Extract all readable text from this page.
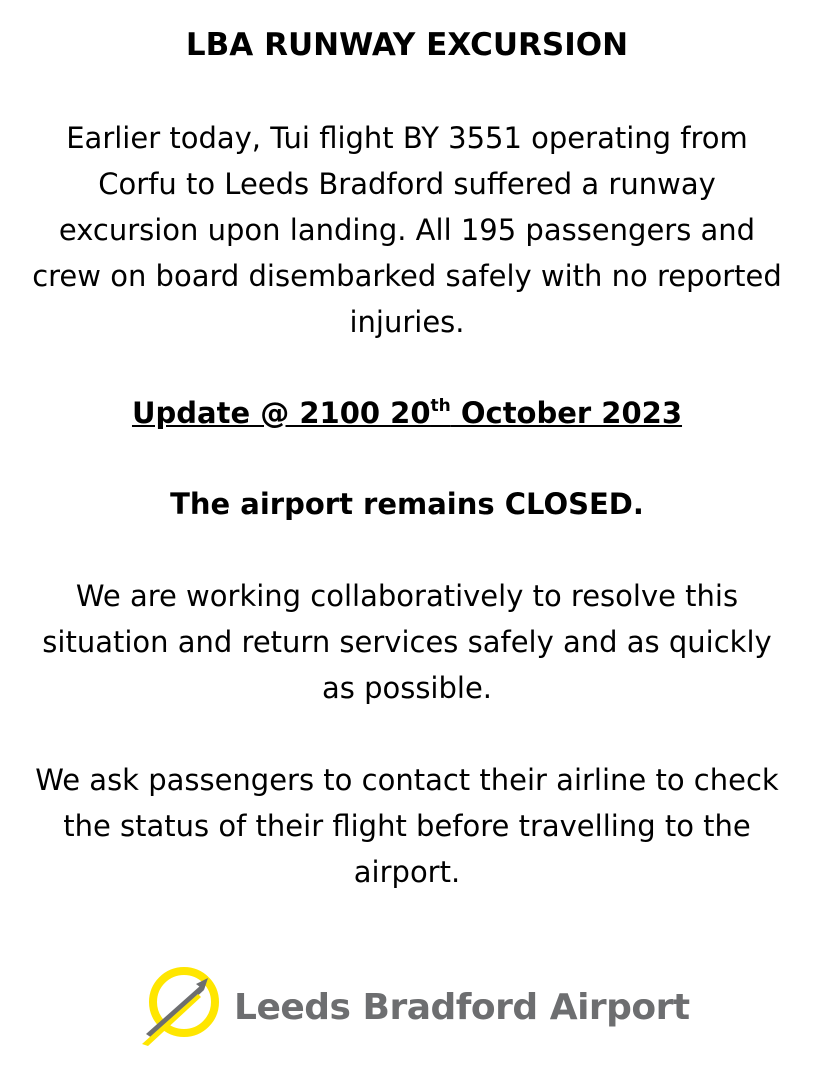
LBA RUNWAY EXCURSION

Earlier today, Tui flight BY 3551 operating from Corfu to Leeds Bradford suffered a runway excursion upon landing. All 195 passengers and crew on board disembarked safely with no reported injuries.

Update @ 2100 20th October 2023

The airport remains CLOSED.

We are working collaboratively to resolve this situation and return services safely and as quickly as possible.

We ask passengers to contact their airline to check the status of their flight before travelling to the airport.

Leeds Bradford Airport
